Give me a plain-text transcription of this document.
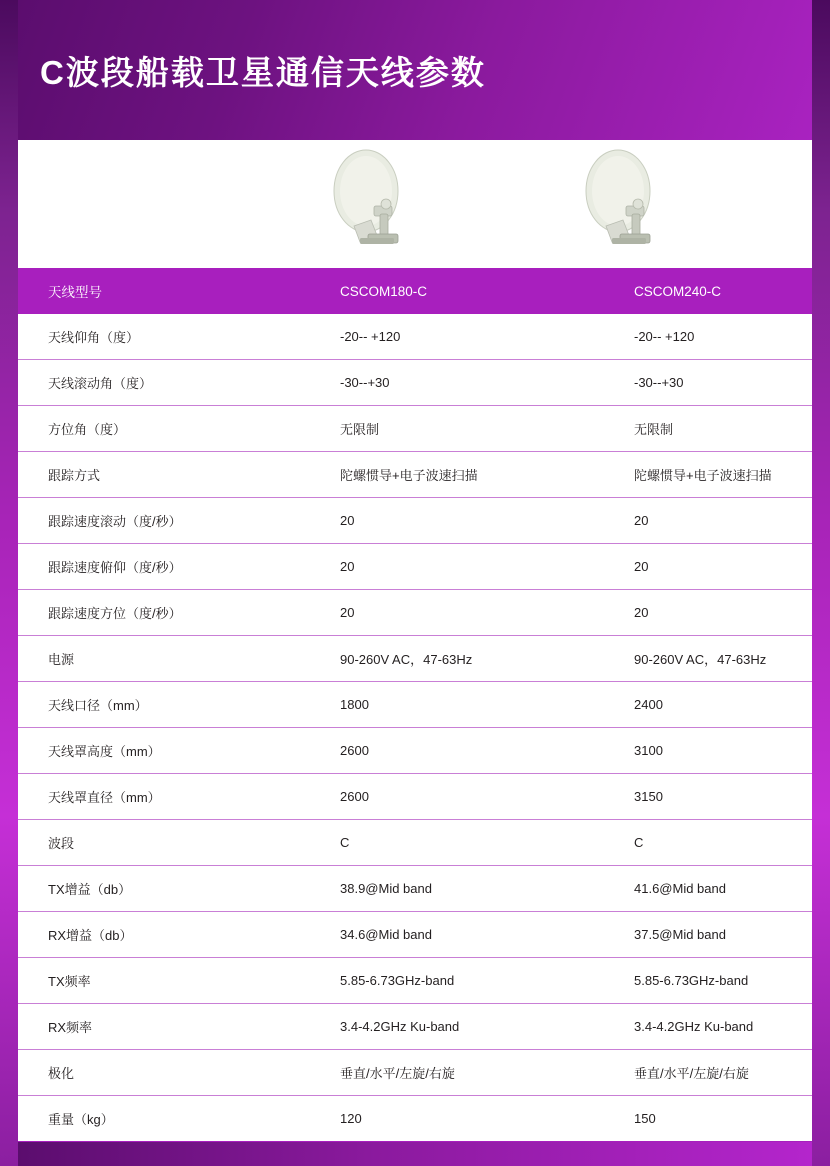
C波段船载卫星通信天线参数
天线型号	CSCOM180-C	CSCOM240-C
天线仰角（度）	-20-- +120	-20-- +120
天线滚动角（度）	-30--+30	-30--+30
方位角（度）	无限制	无限制
跟踪方式	陀螺惯导+电子波速扫描	陀螺惯导+电子波速扫描
跟踪速度滚动（度/秒）	20	20
跟踪速度俯仰（度/秒）	20	20
跟踪速度方位（度/秒）	20	20
电源	90-260V AC，47-63Hz	90-260V AC，47-63Hz
天线口径（mm）	1800	2400
天线罩高度（mm）	2600	3100
天线罩直径（mm）	2600	3150
波段	C	C
TX增益（db）	38.9@Mid band	41.6@Mid band
RX增益（db）	34.6@Mid band	37.5@Mid band
TX频率	5.85-6.73GHz-band	5.85-6.73GHz-band
RX频率	3.4-4.2GHz Ku-band	3.4-4.2GHz Ku-band
极化	垂直/水平/左旋/右旋	垂直/水平/左旋/右旋
重量（kg）	120	150
